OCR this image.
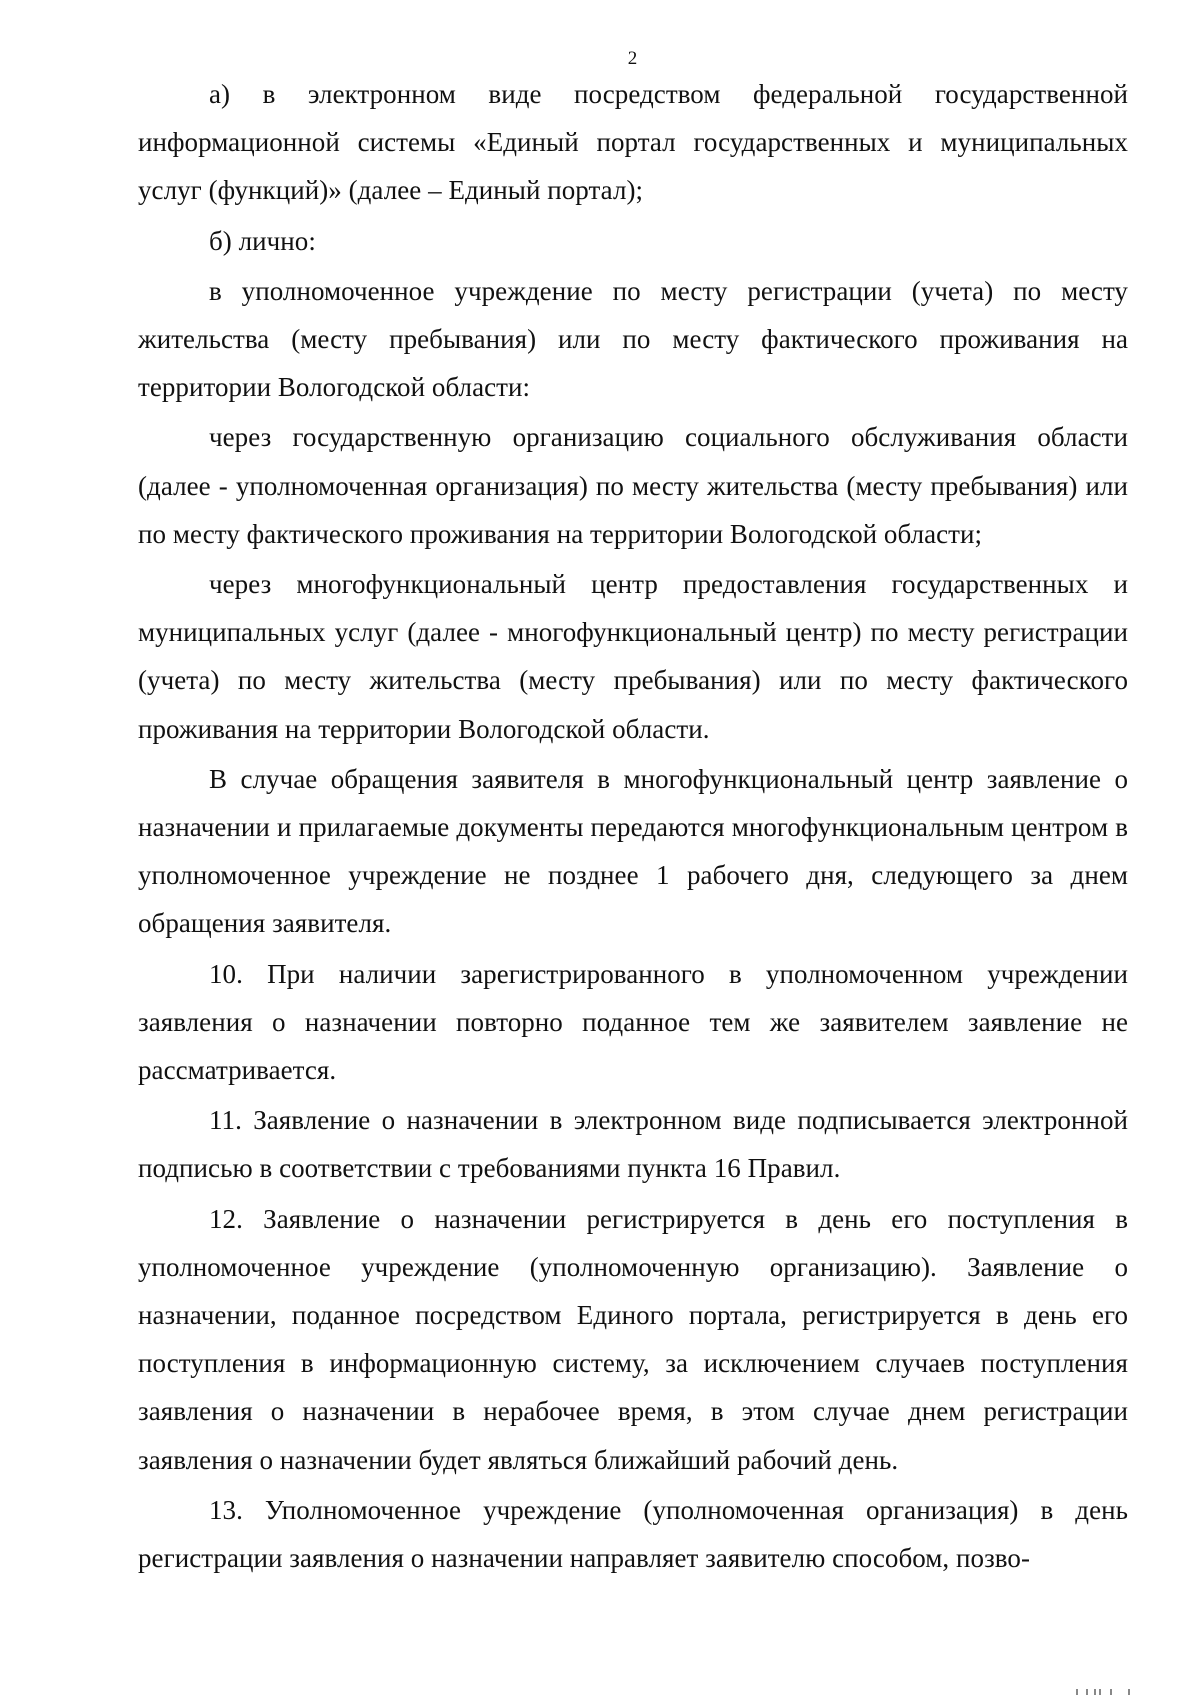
2

а) в электронном виде посредством федеральной государственной информационной системы «Единый портал государственных и муниципальных услуг (функций)» (далее – Единый портал);

б) лично:

в уполномоченное учреждение по месту регистрации (учета) по месту жительства (месту пребывания) или по месту фактического проживания на территории Вологодской области:

через государственную организацию социального обслуживания области (далее - уполномоченная организация) по месту жительства (месту пребывания) или по месту фактического проживания на территории Вологодской области;

через многофункциональный центр предоставления государственных и муниципальных услуг (далее - многофункциональный центр) по месту регистрации (учета) по месту жительства (месту пребывания) или по месту фактического проживания на территории Вологодской области.

В случае обращения заявителя в многофункциональный центр заявление о назначении и прилагаемые документы передаются многофункциональным центром в уполномоченное учреждение не позднее 1 рабочего дня, следующего за днем обращения заявителя.

10. При наличии зарегистрированного в уполномоченном учреждении заявления о назначении повторно поданное тем же заявителем заявление не рассматривается.

11. Заявление о назначении в электронном виде подписывается электронной подписью в соответствии с требованиями пункта 16 Правил.

12. Заявление о назначении регистрируется в день его поступления в уполномоченное учреждение (уполномоченную организацию). Заявление о назначении, поданное посредством Единого портала, регистрируется в день его поступления в информационную систему, за исключением случаев поступления заявления о назначении в нерабочее время, в этом случае днем регистрации заявления о назначении будет являться ближайший рабочий день.

13. Уполномоченное учреждение (уполномоченная организация) в день регистрации заявления о назначении направляет заявителю способом, позво-
